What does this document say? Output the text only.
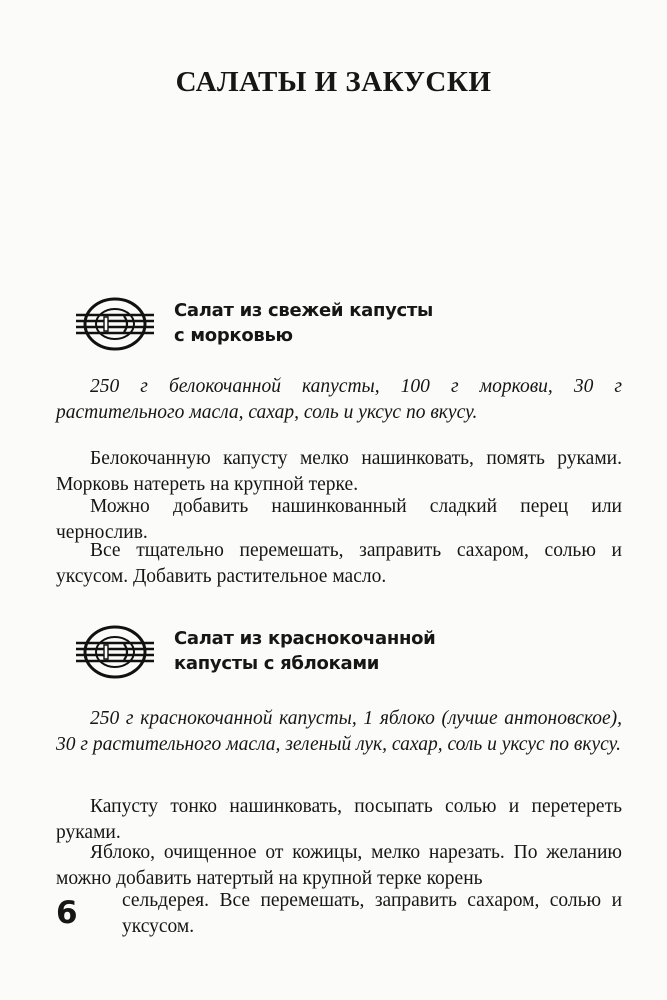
САЛАТЫ И ЗАКУСКИ
Салат из свежей капусты
с морковью
250 г белокочанной капусты, 100 г моркови, 30 г растительного масла, сахар, соль и уксус по вкусу.
Белокочанную капусту мелко нашинковать, помять руками. Морковь натереть на крупной терке.
Можно добавить нашинкованный сладкий перец или чернослив.
Все тщательно перемешать, заправить сахаром, солью и уксусом. Добавить растительное масло.
Салат из краснокочанной
капусты с яблоками
250 г краснокочанной капусты, 1 яблоко (лучше антоновское), 30 г растительного масла, зеленый лук, сахар, соль и уксус по вкусу.
Капусту тонко нашинковать, посыпать солью и перетереть руками.
Яблоко, очищенное от кожицы, мелко нарезать. По желанию можно добавить натертый на крупной терке корень
сельдерея. Все перемешать, заправить сахаром, солью и уксусом.
6
